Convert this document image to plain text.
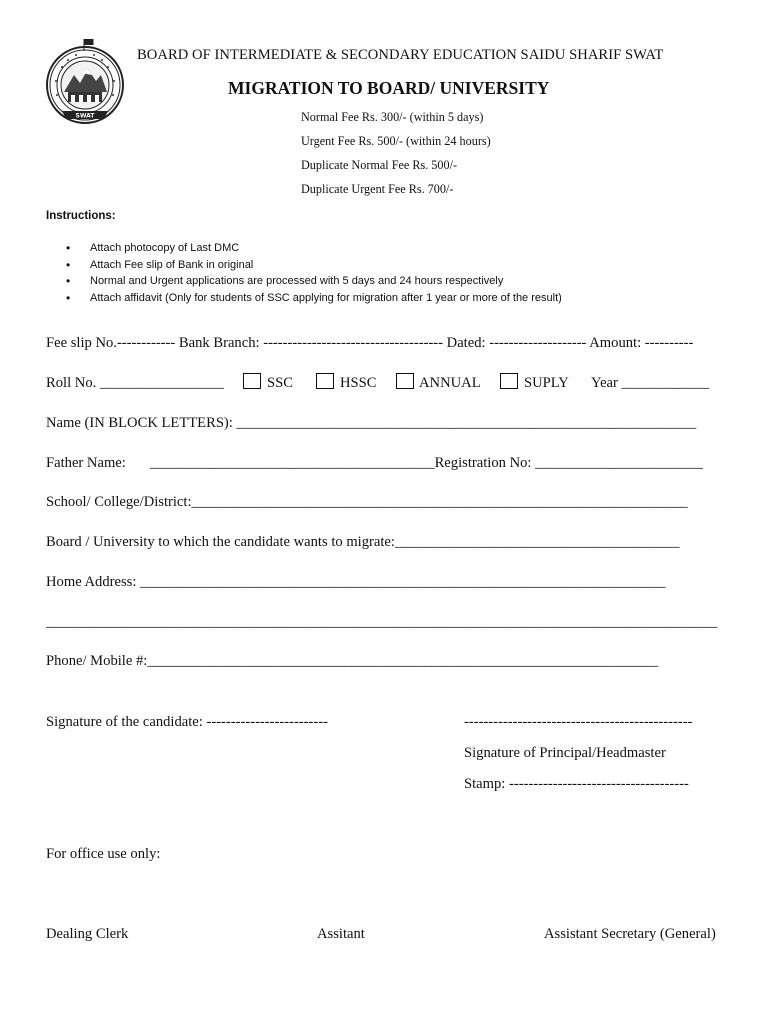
SWAT
BOARD OF INTERMEDIATE & SECONDARY EDUCATION SAIDU SHARIF SWAT
MIGRATION TO BOARD/ UNIVERSITY
Normal Fee Rs. 300/- (within 5 days)
Urgent Fee Rs. 500/- (within 24 hours)
Duplicate Normal Fee Rs. 500/-
Duplicate Urgent Fee Rs. 700/-
Instructions:
• Attach photocopy of Last DMC
• Attach Fee slip of Bank in original
• Normal and Urgent applications are processed with 5 days and 24 hours respectively
• Attach affidavit (Only for students of SSC applying for migration after 1 year or more of the result)
Fee slip No.------------ Bank Branch: ------------------------------------- Dated: -------------------- Amount: ----------
Roll No. _________________	SSC	HSSC	ANNUAL	SUPLY Year ____________
Name (IN BLOCK LETTERS): _______________________________________________________________
Father Name: _______________________________________Registration No: _______________________
School/ College/District:____________________________________________________________________
Board / University to which the candidate wants to migrate:_______________________________________
Home Address: ________________________________________________________________________
____________________________________________________________________________________________
Phone/ Mobile #:______________________________________________________________________
Signature of the candidate: -------------------------	-----------------------------------------------
Signature of Principal/Headmaster
Stamp: -------------------------------------
For office use only:
Dealing Clerk	Assitant	Assistant Secretary (General)
